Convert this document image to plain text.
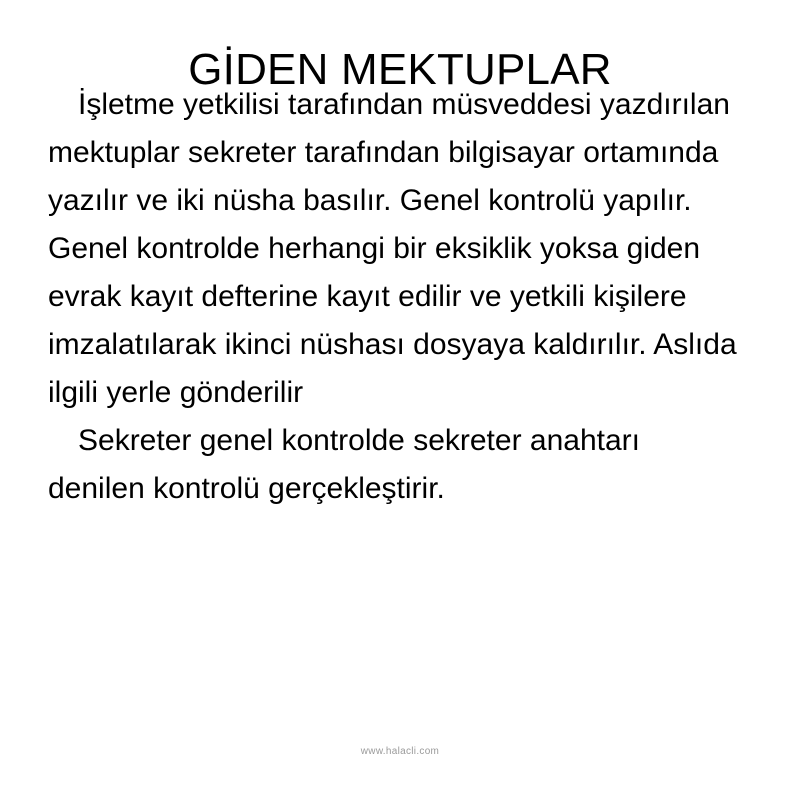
GİDEN MEKTUPLAR

İşletme yetkilisi tarafından müsveddesi yazdırılan

mektuplar sekreter tarafından bilgisayar ortamında

yazılır ve iki nüsha basılır. Genel kontrolü yapılır.

Genel kontrolde herhangi bir eksiklik yoksa giden

evrak kayıt defterine kayıt edilir ve yetkili kişilere

imzalatılarak ikinci nüshası dosyaya kaldırılır. Aslıda

ilgili yerle gönderilir

Sekreter genel kontrolde sekreter anahtarı

denilen kontrolü gerçekleştirir.

www.halacli.com
